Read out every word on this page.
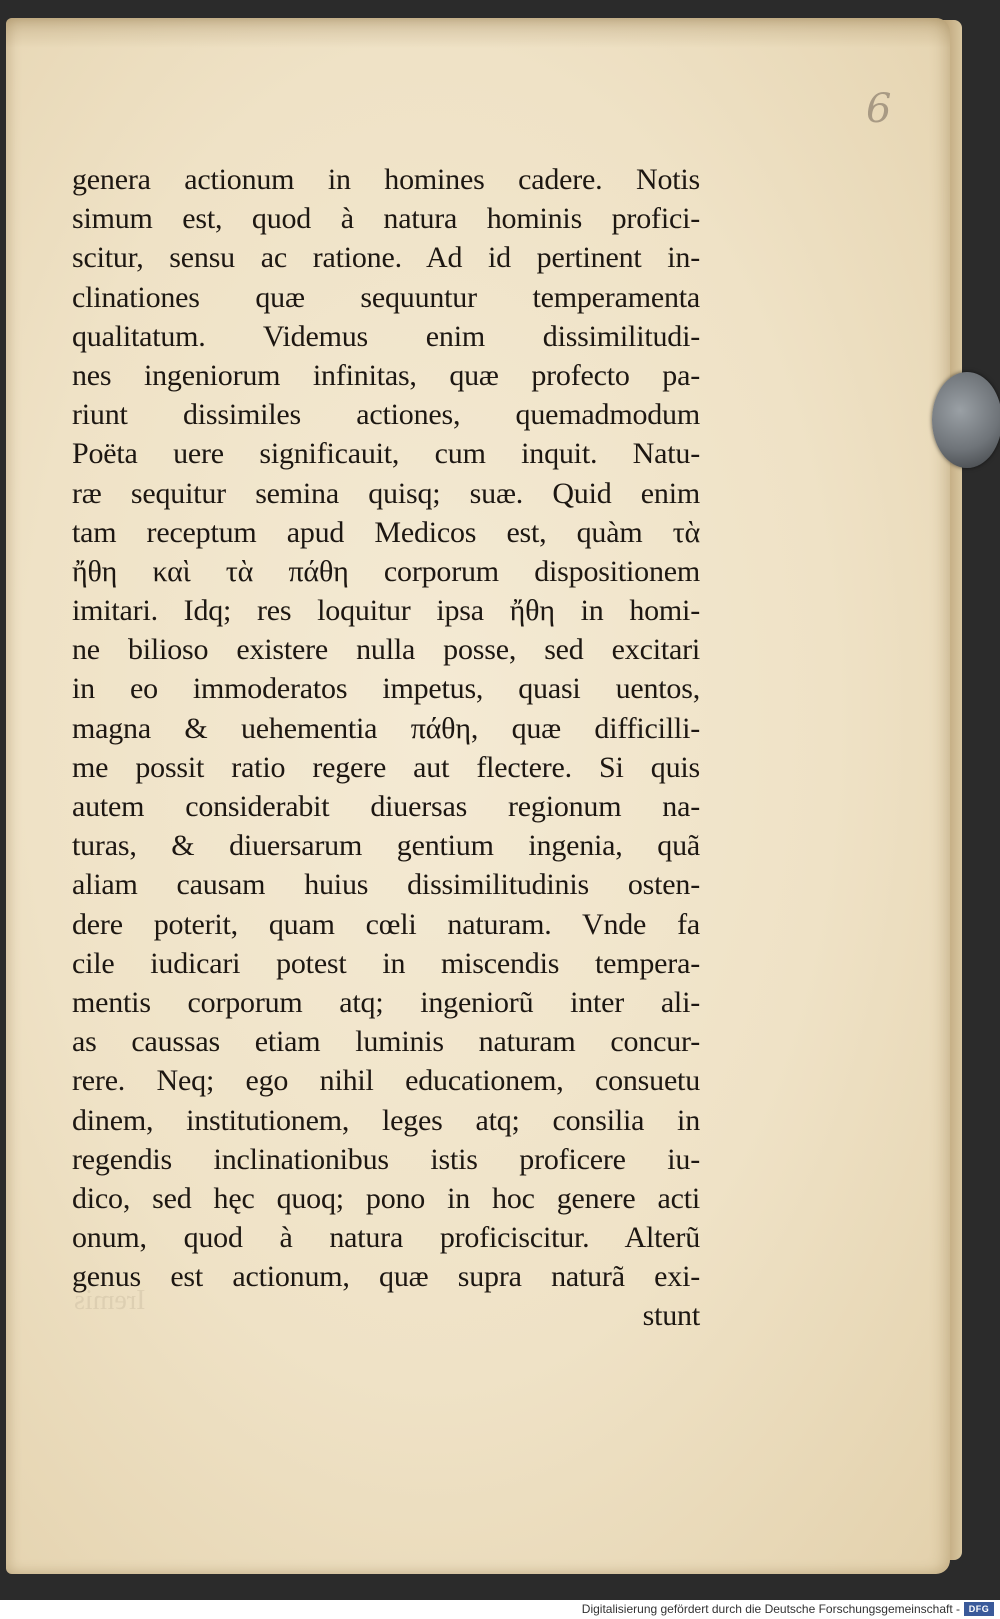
6
genera actionum in homines cadere. Notis
simum est, quod à natura hominis profici-
scitur, sensu ac ratione. Ad id pertinent in-
clinationes quæ sequuntur temperamenta
qualitatum. Videmus enim dissimilitudi-
nes ingeniorum infinitas, quæ profecto pa-
riunt dissimiles actiones, quemadmodum
Poëta uere significauit, cum inquit. Natu-
ræ sequitur semina quisq; suæ. Quid enim
tam receptum apud Medicos est, quàm τὰ
ἤθη καὶ τὰ πάθη corporum dispositionem
imitari. Idq; res loquitur ipsa ἤθη in homi-
ne bilioso existere nulla posse, sed excitari
in eo immoderatos impetus, quasi uentos,
magna & uehementia πάθη, quæ difficilli-
me possit ratio regere aut flectere. Si quis
autem considerabit diuersas regionum na-
turas, & diuersarum gentium ingenia, quã
aliam causam huius dissimilitudinis osten-
dere poterit, quam cœli naturam. Vnde fa
cile iudicari potest in miscendis tempera-
mentis corporum atq; ingeniorũ inter ali-
as caussas etiam luminis naturam concur-
rere. Neq; ego nihil educationem, consuetu
dinem, institutionem, leges atq; consilia in
regendis inclinationibus istis proficere iu-
dico, sed hęc quoq; pono in hoc genere acti
onum, quod à natura proficiscitur. Alterũ
genus est actionum, quæ supra naturã exi-
stunt
Iremis
Digitalisierung gefördert durch die Deutsche Forschungsgemeinschaft - DFG
